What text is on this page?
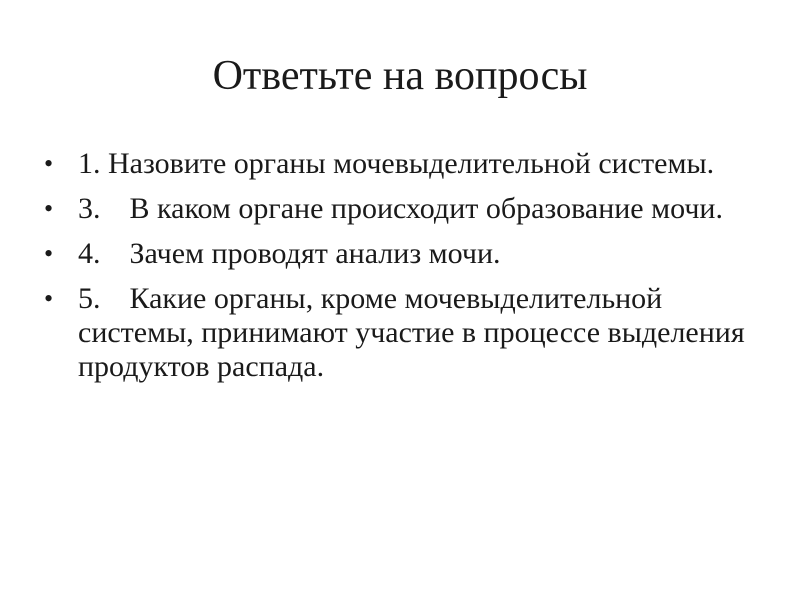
Ответьте на вопросы
• 1. Назовите органы мочевыделительной системы.
• 3. В каком органе происходит образование мочи.
• 4. Зачем проводят анализ мочи.
• 5. Какие органы, кроме мочевыделительной системы, принимают участие в процессе выделения продуктов распада.
